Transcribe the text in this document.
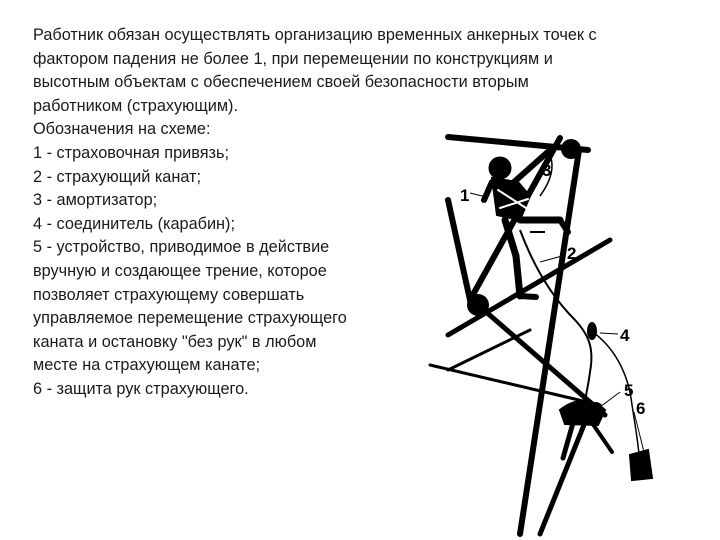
Работник обязан осуществлять организацию временных анкерных точек с
фактором падения не более 1, при перемещении по конструкциям и
высотным объектам с обеспечением своей безопасности вторым
работником (страхующим).
Обозначения на схеме:
1 - страховочная привязь;
2 - страхующий канат;
3 - амортизатор;
4 - соединитель (карабин);
5 - устройство, приводимое в действие
вручную и создающее трение, которое
позволяет страхующему совершать
управляемое перемещение страхующего
каната и остановку "без рук" в любом
месте на страхующем канате;
6 - защита рук страхующего.
1
2
3
4
5
6
